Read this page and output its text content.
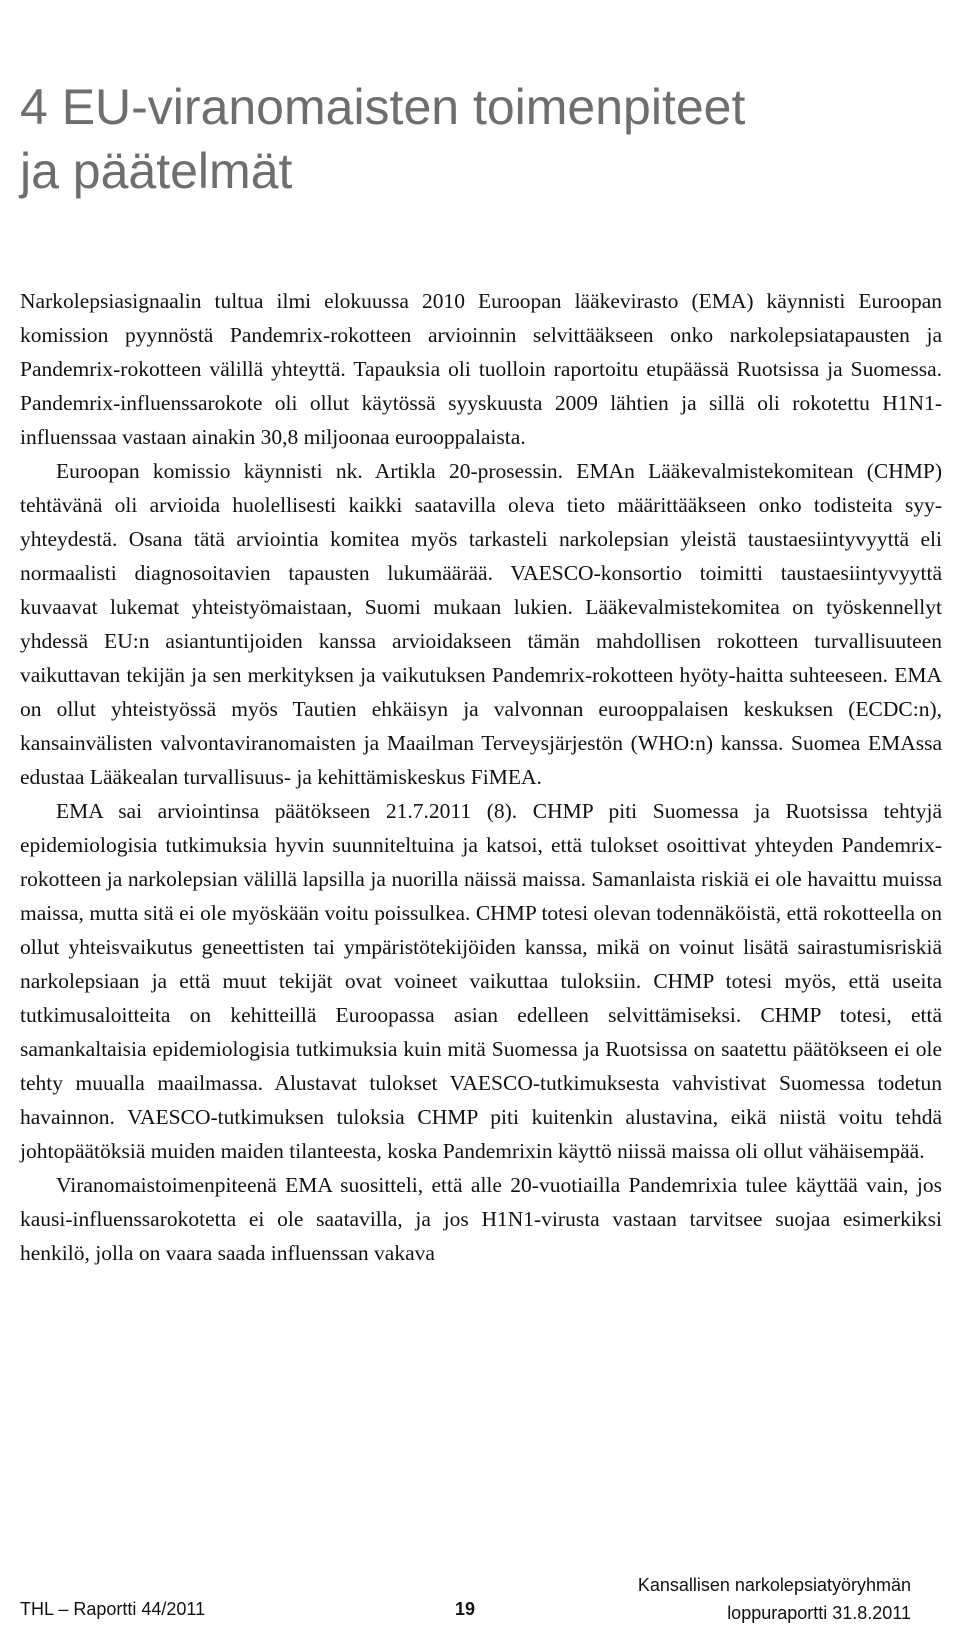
4 EU-viranomaisten toimenpiteet
ja päätelmät

Narkolepsiasignaalin tultua ilmi elokuussa 2010 Euroopan lääkevirasto (EMA) käynnisti Euroopan komission pyynnöstä Pandemrix-rokotteen arvioinnin selvittääkseen onko narkolepsiatapausten ja Pandemrix-rokotteen välillä yhteyttä. Tapauksia oli tuolloin raportoitu etupäässä Ruotsissa ja Suomessa. Pandemrix-influenssarokote oli ollut käytössä syyskuusta 2009 lähtien ja sillä oli rokotettu H1N1-influenssaa vastaan ainakin 30,8 miljoonaa eurooppalaista.

Euroopan komissio käynnisti nk. Artikla 20-prosessin. EMAn Lääkevalmistekomitean (CHMP) tehtävänä oli arvioida huolellisesti kaikki saatavilla oleva tieto määrittääkseen onko todisteita syy-yhteydestä. Osana tätä arviointia komitea myös tarkasteli narkolepsian yleistä taustaesiintyvyyttä eli normaalisti diagnosoitavien tapausten lukumäärää. VAESCO-konsortio toimitti taustaesiintyvyyttä kuvaavat lukemat yhteistyömaistaan, Suomi mukaan lukien. Lääkevalmistekomitea on työskennellyt yhdessä EU:n asiantuntijoiden kanssa arvioidakseen tämän mahdollisen rokotteen turvallisuuteen vaikuttavan tekijän ja sen merkityksen ja vaikutuksen Pandemrix-rokotteen hyöty-haitta suhteeseen. EMA on ollut yhteistyössä myös Tautien ehkäisyn ja valvonnan eurooppalaisen keskuksen (ECDC:n), kansainvälisten valvontaviranomaisten ja Maailman Terveysjärjestön (WHO:n) kanssa. Suomea EMAssa edustaa Lääkealan turvallisuus- ja kehittämiskeskus FiMEA.

EMA sai arviointinsa päätökseen 21.7.2011 (8). CHMP piti Suomessa ja Ruotsissa tehtyjä epidemiologisia tutkimuksia hyvin suunniteltuina ja katsoi, että tulokset osoittivat yhteyden Pandemrix-rokotteen ja narkolepsian välillä lapsilla ja nuorilla näissä maissa. Samanlaista riskiä ei ole havaittu muissa maissa, mutta sitä ei ole myöskään voitu poissulkea. CHMP totesi olevan todennäköistä, että rokotteella on ollut yhteisvaikutus geneettisten tai ympäristötekijöiden kanssa, mikä on voinut lisätä sairastumisriskiä narkolepsiaan ja että muut tekijät ovat voineet vaikuttaa tuloksiin. CHMP totesi myös, että useita tutkimusaloitteita on kehitteillä Euroopassa asian edelleen selvittämiseksi. CHMP totesi, että samankaltaisia epidemiologisia tutkimuksia kuin mitä Suomessa ja Ruotsissa on saatettu päätökseen ei ole tehty muualla maailmassa. Alustavat tulokset VAESCO-tutkimuksesta vahvistivat Suomessa todetun havainnon. VAESCO-tutkimuksen tuloksia CHMP piti kuitenkin alustavina, eikä niistä voitu tehdä johtopäätöksiä muiden maiden tilanteesta, koska Pandemrixin käyttö niissä maissa oli ollut vähäisempää.

Viranomaistoimenpiteenä EMA suositteli, että alle 20-vuotiailla Pandemrixia tulee käyttää vain, jos kausi-influenssarokotetta ei ole saatavilla, ja jos H1N1-virusta vastaan tarvitsee suojaa esimerkiksi henkilö, jolla on vaara saada influenssan vakava

THL – Raportti 44/2011	19
Kansallisen narkolepsiatyöryhmän
loppuraportti 31.8.2011
